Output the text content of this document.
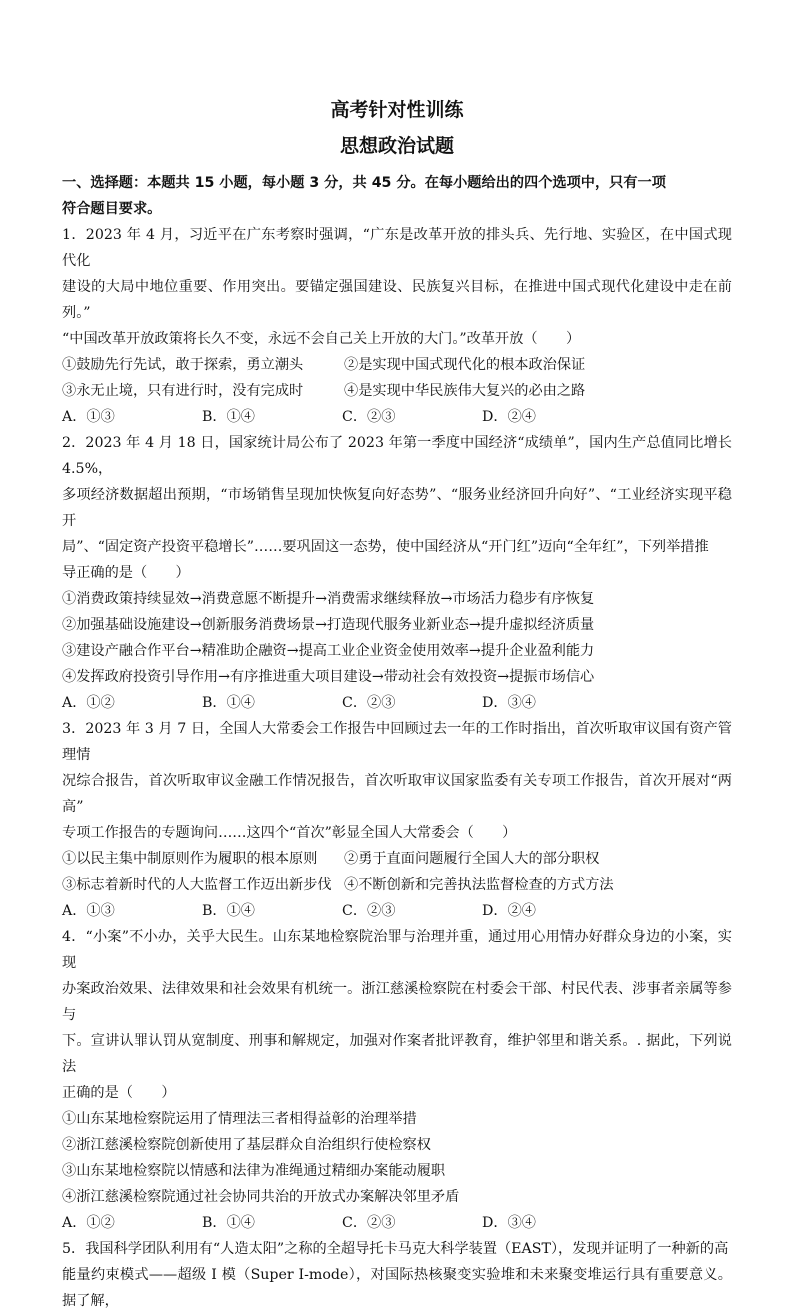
高考针对性训练

思想政治试题

一、选择题：本题共 15 小题，每小题 3 分，共 45 分。在每小题给出的四个选项中，只有一项

符合题目要求。

1．2023 年 4 月，习近平在广东考察时强调，“广东是改革开放的排头兵、先行地、实验区，在中国式现代化

建设的大局中地位重要、作用突出。要锚定强国建设、民族复兴目标，在推进中国式现代化建设中走在前列。”

“中国改革开放政策将长久不变，永远不会自己关上开放的大门。”改革开放（　　）

①鼓励先行先试，敢于探索，勇立潮头	②是实现中国式现代化的根本政治保证
③永无止境，只有进行时，没有完成时	④是实现中华民族伟大复兴的必由之路
A．①③	B．①④	C．②③	D．②④

2．2023 年 4 月 18 日，国家统计局公布了 2023 年第一季度中国经济“成绩单”，国内生产总值同比增长 4.5%，

多项经济数据超出预期，“市场销售呈现加快恢复向好态势”、“服务业经济回升向好”、“工业经济实现平稳开

局”、“固定资产投资平稳增长”……要巩固这一态势，使中国经济从“开门红”迈向“全年红”，下列举措推

导正确的是（　　）

①消费政策持续显效→消费意愿不断提升→消费需求继续释放→市场活力稳步有序恢复

②加强基础设施建设→创新服务消费场景→打造现代服务业新业态→提升虚拟经济质量

③建设产融合作平台→精准助企融资→提高工业企业资金使用效率→提升企业盈利能力

④发挥政府投资引导作用→有序推进重大项目建设→带动社会有效投资→提振市场信心

A．①②	B．①④	C．②③	D．③④

3．2023 年 3 月 7 日，全国人大常委会工作报告中回顾过去一年的工作时指出，首次听取审议国有资产管理情

况综合报告，首次听取审议金融工作情况报告，首次听取审议国家监委有关专项工作报告，首次开展对“两高”

专项工作报告的专题询问……这四个“首次”彰显全国人大常委会（　　）

①以民主集中制原则作为履职的根本原则	②勇于直面问题履行全国人大的部分职权
③标志着新时代的人大监督工作迈出新步伐 ④不断创新和完善执法监督检查的方式方法
A．①③	B．①④	C．②③	D．②④

4．“小案”不小办，关乎大民生。山东某地检察院治罪与治理并重，通过用心用情办好群众身边的小案，实现

办案政治效果、法律效果和社会效果有机统一。浙江慈溪检察院在村委会干部、村民代表、涉事者亲属等参与

下。宣讲认罪认罚从宽制度、刑事和解规定，加强对作案者批评教育，维护邻里和谐关系。. 据此，下列说法

正确的是（　　）

①山东某地检察院运用了情理法三者相得益彰的治理举措

②浙江慈溪检察院创新使用了基层群众自治组织行使检察权

③山东某地检察院以情感和法律为准绳通过精细办案能动履职

④浙江慈溪检察院通过社会协同共治的开放式办案解决邻里矛盾

A．①②	B．①④	C．②③	D．③④

5．我国科学团队利用有“人造太阳”之称的全超导托卡马克大科学装置（EAST），发现并证明了一种新的高

能量约束模式——超级 I 模（Super I-mode），对国际热核聚变实验堆和未来聚变堆运行具有重要意义。据了解，
